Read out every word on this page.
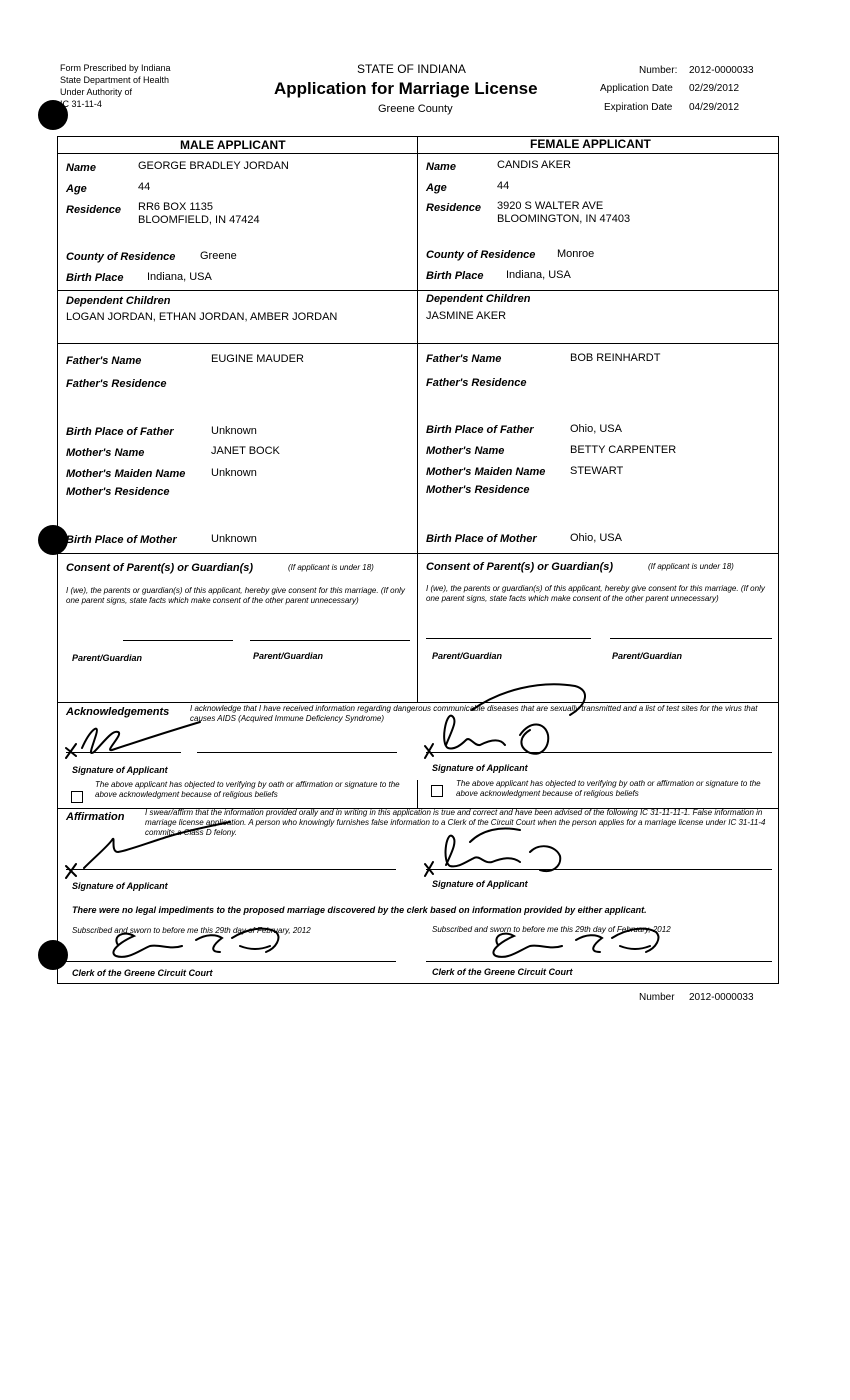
Form Prescribed by Indiana
State Department of Health
Under Authority of
IC 31-11-4
STATE OF INDIANA
Application for Marriage License
Greene County
Number: 2012-0000033
Application Date 02/29/2012
Expiration Date 04/29/2012
MALE APPLICANT	FEMALE APPLICANT
Name	GEORGE BRADLEY JORDAN
Age	44
Residence RR6 BOX 1135
BLOOMFIELD, IN 47424
County of Residence Greene
Birth Place Indiana, USA
Dependent Children
LOGAN JORDAN, ETHAN JORDAN, AMBER JORDAN
Father's Name	EUGINE MAUDER
Father's Residence
Birth Place of Father	Unknown
Mother's Name	JANET BOCK
Mother's Maiden Name Unknown
Mother's Residence
Birth Place of Mother	Unknown
Consent of Parent(s) or Guardian(s)	(If applicant is under 18)
I (we), the parents or guardian(s) of this applicant, hereby give consent for this marriage. (If only one parent signs, state facts which make consent of the other parent unnecessary)
Parent/Guardian	Parent/Guardian
Name	CANDIS AKER
Age	44
Residence 3920 S WALTER AVE
BLOOMINGTON, IN 47403
County of Residence Monroe
Birth Place Indiana, USA
Dependent Children
JASMINE AKER
Father's Name	BOB REINHARDT
Father's Residence
Birth Place of Father	Ohio, USA
Mother's Name	BETTY CARPENTER
Mother's Maiden Name STEWART
Mother's Residence
Birth Place of Mother	Ohio, USA
Consent of Parent(s) or Guardian(s)	(If applicant is under 18)
I (we), the parents or guardian(s) of this applicant, hereby give consent for this marriage. (If only one parent signs, state facts which make consent of the other parent unnecessary)
Parent/Guardian	Parent/Guardian
Acknowledgements	I acknowledge that I have received information regarding dangerous communicable diseases that are sexually transmitted and a list of test sites for the virus that causes AIDS (Acquired Immune Deficiency Syndrome)
Signature of Applicant	Signature of Applicant
The above applicant has objected to verifying by oath or affirmation or signature to the above acknowledgment because of religious beliefs
The above applicant has objected to verifying by oath or affirmation or signature to the above acknowledgment because of religious beliefs
Affirmation	I swear/affirm that the information provided orally and in writing in this application is true and correct and have been advised of the following IC 31-11-11-1. False information in marriage license application. A person who knowingly furnishes false information to a Clerk of the Circuit Court when the person applies for a marriage license under IC 31-11-4 commits a Class D felony.
Signature of Applicant	Signature of Applicant
There were no legal impediments to the proposed marriage discovered by the clerk based on information provided by either applicant.
Subscribed and sworn to before me this 29th day of February, 2012	Subscribed and sworn to before me this 29th day of February, 2012
Clerk of the Greene Circuit Court	Clerk of the Greene Circuit Court
Number 2012-0000033
